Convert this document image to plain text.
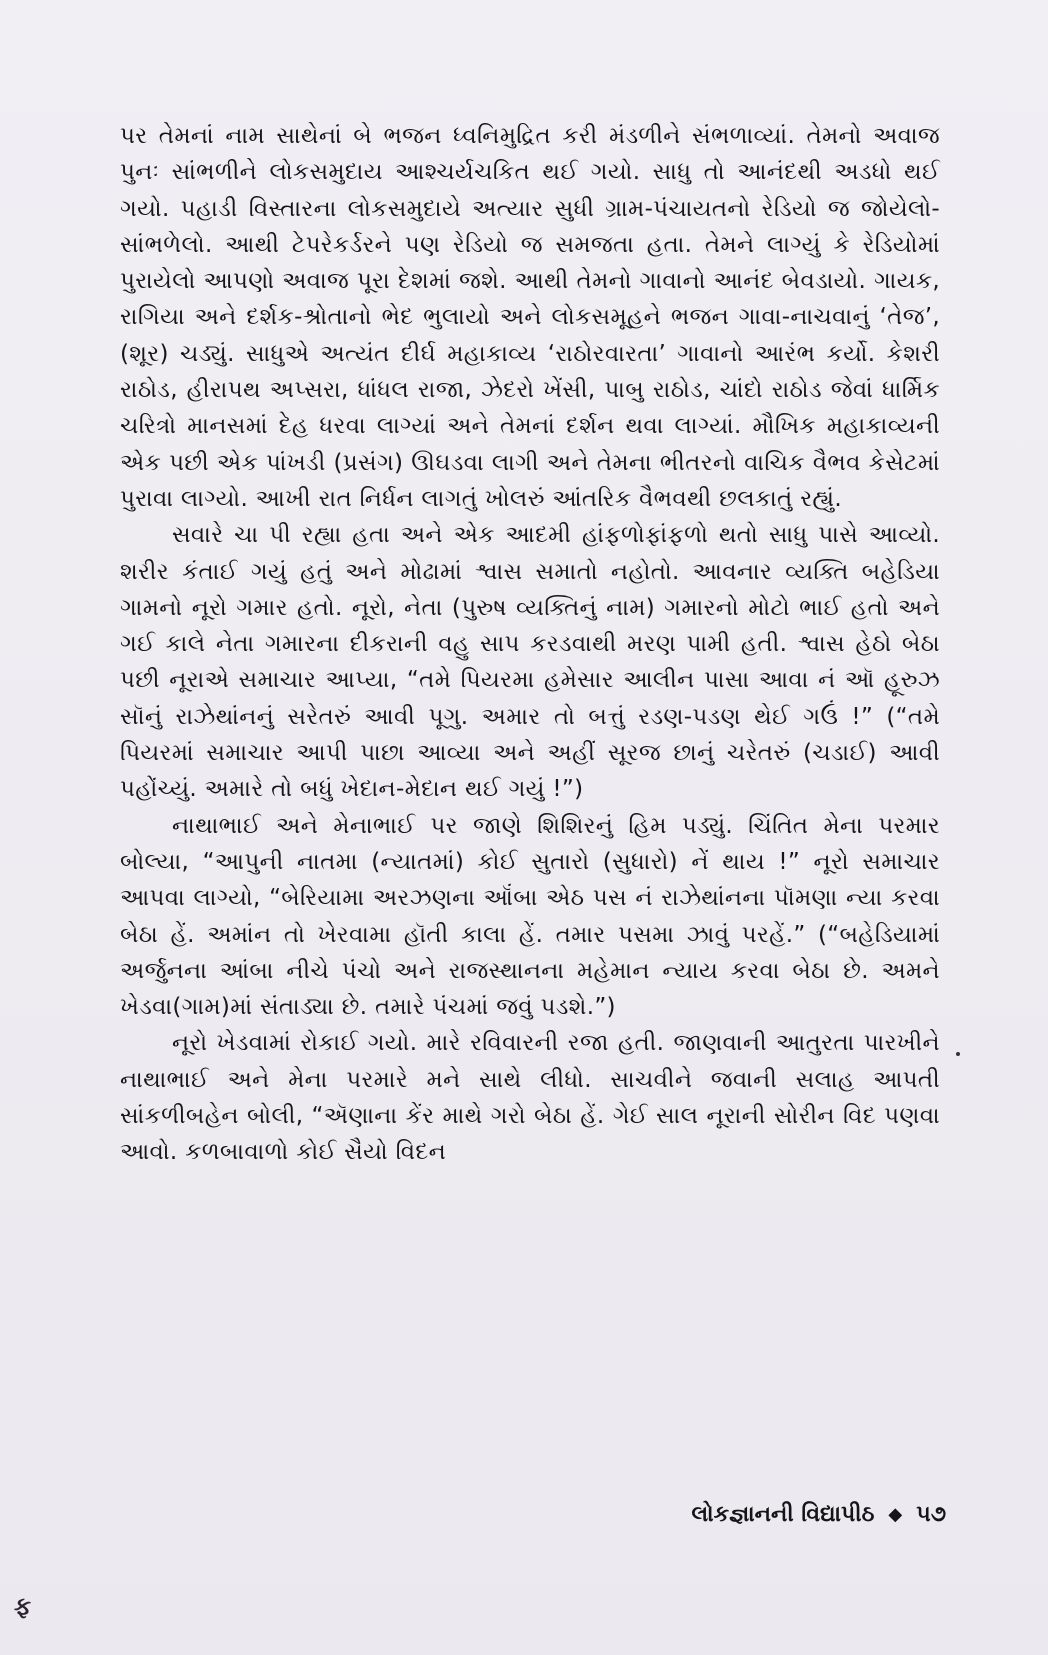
પર તેમનાં નામ સાથેનાં બે ભજન ધ્વનિમુદ્રિત કરી મંડળીને સંભળાવ્યાં. તેમનો અવાજ પુનઃ સાંભળીને લોકસમુદાય આશ્ચર્યચકિત થઈ ગયો. સાધુ તો આનંદથી અડધો થઈ ગયો. પહાડી વિસ્તારના લોકસમુદાયે અત્યાર સુધી ગ્રામ-પંચાયતનો રેડિયો જ જોયેલો-સાંભળેલો. આથી ટેપરેકર્ડરને પણ રેડિયો જ સમજતા હતા. તેમને લાગ્યું કે રેડિયોમાં પુરાયેલો આપણો અવાજ પૂરા દેશમાં જશે. આથી તેમનો ગાવાનો આનંદ બેવડાયો. ગાયક, રાગિયા અને દર્શક-શ્રોતાનો ભેદ ભુલાયો અને લોકસમૂહને ભજન ગાવા-નાચવાનું ‘તેજ’, (શૂર) ચડ્યું. સાધુએ અત્યંત દીર્ઘ મહાકાવ્ય ‘રાઠોરવારતા’ ગાવાનો આરંભ કર્યો. કેશરી રાઠોડ, હીરાપથ અપ્સરા, ધાંધલ રાજા, ઝેદરો ખેંસી, પાબુ રાઠોડ, ચાંદો રાઠોડ જેવાં ધાર્મિક ચરિત્રો માનસમાં દેહ ધરવા લાગ્યાં અને તેમનાં દર્શન થવા લાગ્યાં. મૌખિક મહાકાવ્યની એક પછી એક પાંખડી (પ્રસંગ) ઊઘડવા લાગી અને તેમના ભીતરનો વાચિક વૈભવ કેસેટમાં પુરાવા લાગ્યો. આખી રાત નિર્ધન લાગતું ખોલરું આંતરિક વૈભવથી છલકાતું રહ્યું.

સવારે ચા પી રહ્યા હતા અને એક આદમી હાંફળોફાંફળો થતો સાધુ પાસે આવ્યો. શરીર કંતાઈ ગયું હતું અને મોઢામાં શ્વાસ સમાતો નહોતો. આવનાર વ્યક્તિ બહેડિયા ગામનો નૂરો ગમાર હતો. નૂરો, નેતા (પુરુષ વ્યક્તિનું નામ) ગમારનો મોટો ભાઈ હતો અને ગઈ કાલે નેતા ગમારના દીકરાની વહુ સાપ કરડવાથી મરણ પામી હતી. શ્વાસ હેઠો બેઠા પછી નૂરાએ સમાચાર આપ્યા, “તમે પિયરમા હમેસાર આલીન પાસા આવા નં ઑ હૂરુઝ સૉનું રાઝેથાંનનું સરેતરું આવી પૂગુ. અમાર તો બત્તું રડણ-પડણ થેઈ ગઉં !” (“તમે પિયરમાં સમાચાર આપી પાછા આવ્યા અને અહીં સૂરજ છાનું ચરેતરું (ચડાઈ) આવી પહોંચ્યું. અમારે તો બધું ખેદાન-મેદાન થઈ ગયું !”)

નાથાભાઈ અને મેનાભાઈ પર જાણે શિશિરનું હિમ પડ્યું. ચિંતિત મેના પરમાર બોલ્યા, “આપુની નાતમા (ન્યાતમાં) કોઈ સુતારો (સુધારો) નેં થાય !” નૂરો સમાચાર આપવા લાગ્યો, “બેરિયામા અરઝણના ઑંબા એઠ પસ નં રાઝેથાંનના પૉમણા ન્યા કરવા બેઠા હેં. અમાંન તો ખેરવામા હૉતી કાલા હેં. તમાર પસમા ઝાવું પરહેં.” (“બહેડિયામાં અર્જુનના આંબા નીચે પંચો અને રાજસ્થાનના મહેમાન ન્યાય કરવા બેઠા છે. અમને ખેડવા(ગામ)માં સંતાડ્યા છે. તમારે પંચમાં જવું પડશે.”)

નૂરો ખેડવામાં રોકાઈ ગયો. મારે રવિવારની રજા હતી. જાણવાની આતુરતા પારખીને નાથાભાઈ અને મેના પરમારે મને સાથે લીધો. સાચવીને જવાની સલાહ આપતી સાંકળીબહેન બોલી, “ઍણાના કેંર માથે ગરો બેઠા હેં. ગેઈ સાલ નૂરાની સોરીન વિદ પણવા આવો. કળબાવાળો કોઈ સૈયો વિદન

લોકજ્ઞાનની વિદ્યાપીઠ ◆ ૫૭
ફ
